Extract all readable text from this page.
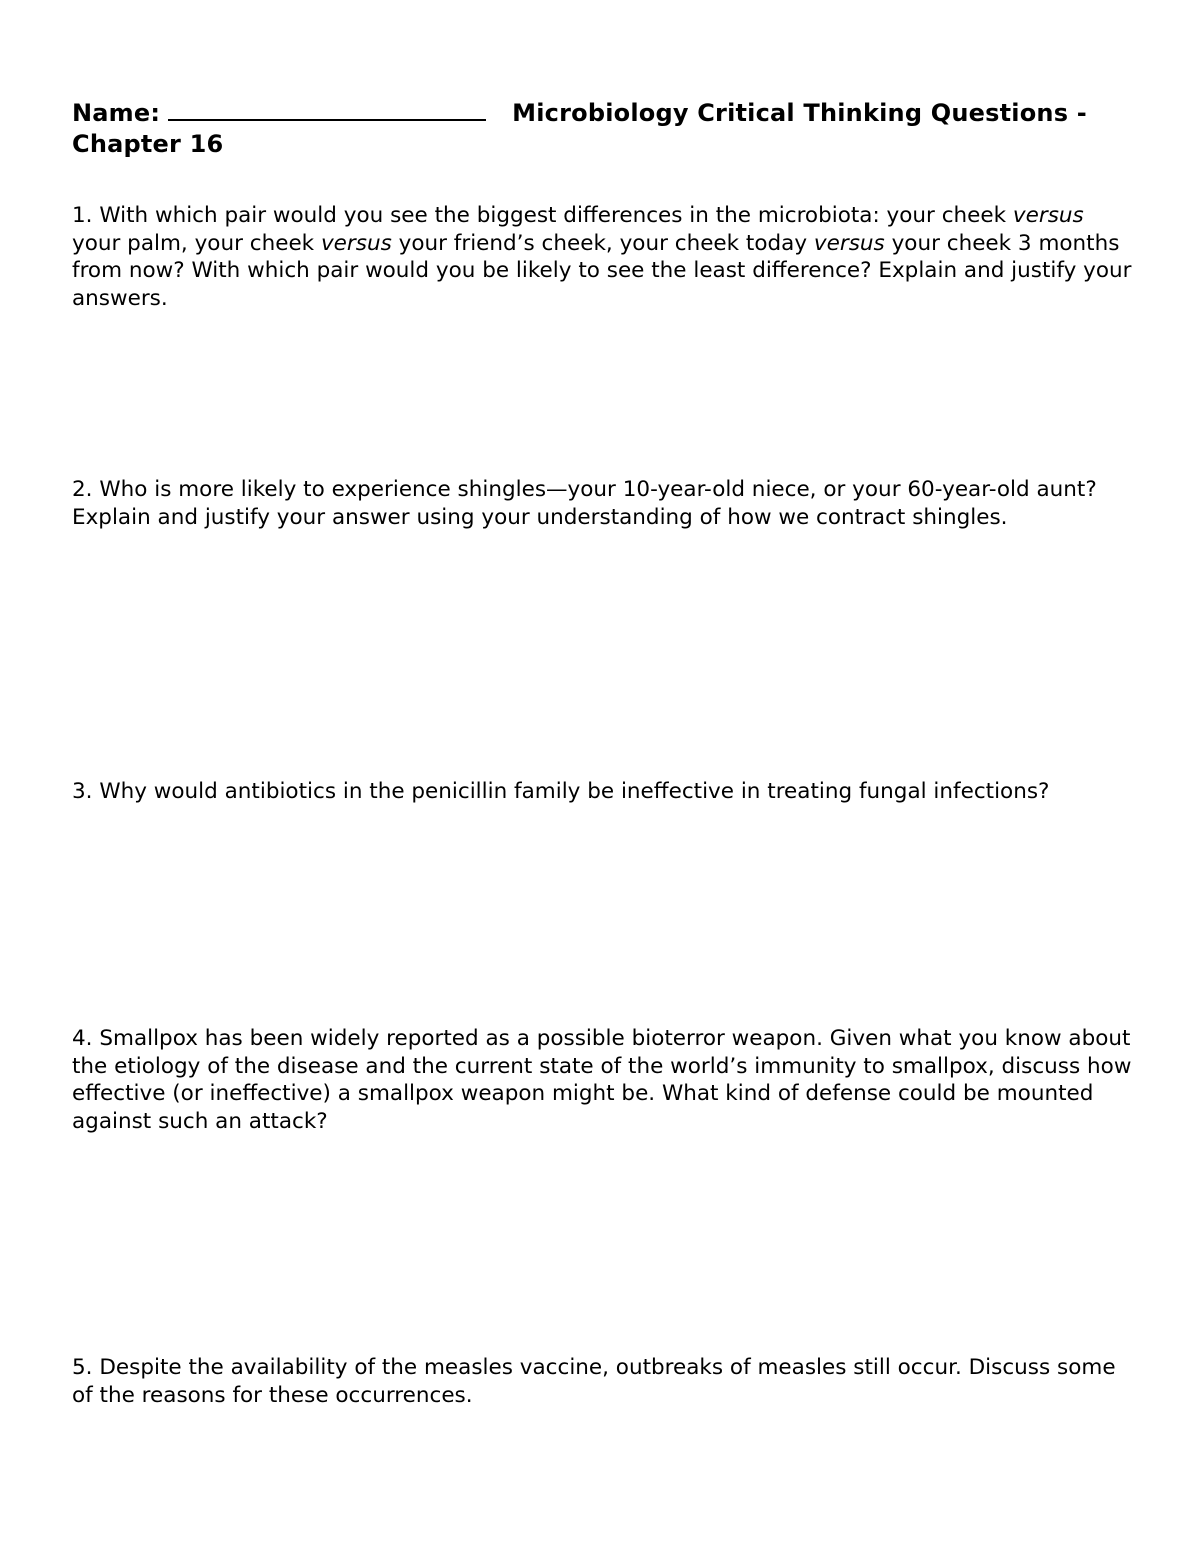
Name:	Microbiology Critical Thinking Questions - Chapter 16

1. With which pair would you see the biggest differences in the microbiota: your cheek versus your palm, your cheek versus your friend’s cheek, your cheek today versus your cheek 3 months from now? With which pair would you be likely to see the least difference? Explain and justify your answers.

2. Who is more likely to experience shingles—your 10-year-old niece, or your 60-year-old aunt? Explain and justify your answer using your understanding of how we contract shingles.

3. Why would antibiotics in the penicillin family be ineffective in treating fungal infections?

4. Smallpox has been widely reported as a possible bioterror weapon. Given what you know about the etiology of the disease and the current state of the world’s immunity to smallpox, discuss how effective (or ineffective) a smallpox weapon might be. What kind of defense could be mounted against such an attack?

5. Despite the availability of the measles vaccine, outbreaks of measles still occur. Discuss some of the reasons for these occurrences.
